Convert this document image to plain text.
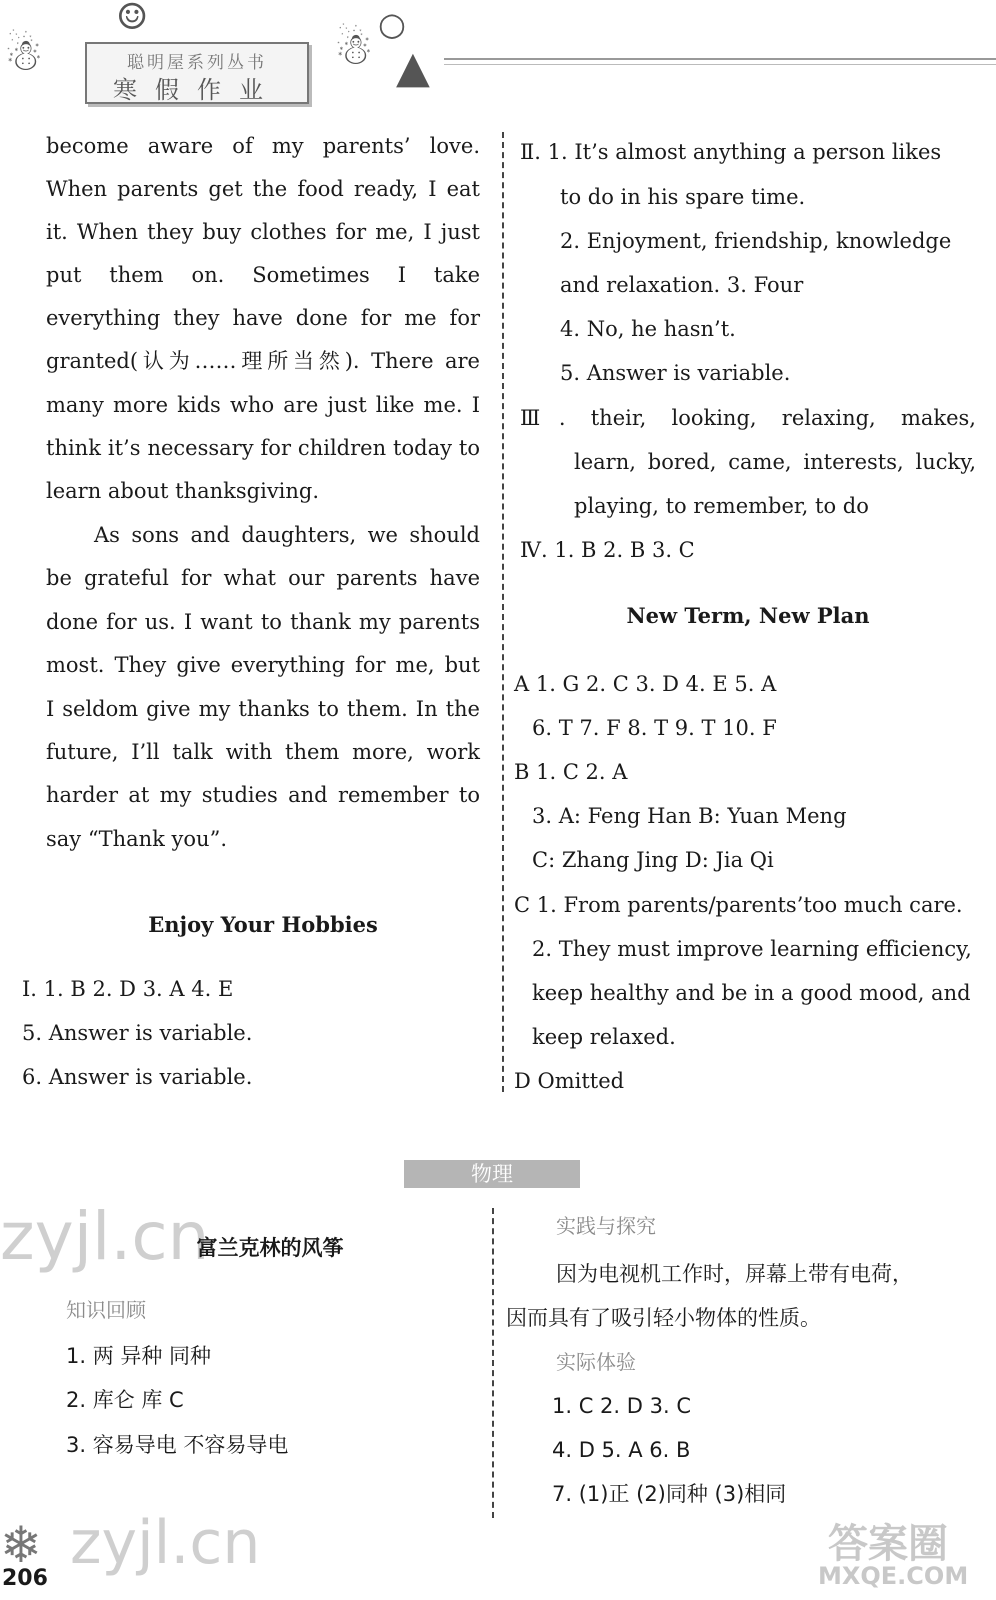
☃
☺
聪明屋系列丛书
寒假作业
☃ ○
▲
become aware of my parents’ love.
When parents get the food ready, I eat
it. When they buy clothes for me, I just
put them on. Sometimes I take
everything they have done for me for
granted(认为……理所当然). There are
many more kids who are just like me. I
think it’s necessary for children today to
learn about thanksgiving.
As sons and daughters, we should
be grateful for what our parents have
done for us. I want to thank my parents
most. They give everything for me, but
I seldom give my thanks to them. In the
future, I’ll talk with them more, work
harder at my studies and remember to
say “Thank you”.
Enjoy Your Hobbies
Ⅰ. 1. B 2. D 3. A 4. E
5. Answer is variable.
6. Answer is variable.
Ⅱ. 1. It’s almost anything a person likes
to do in his spare time.
2. Enjoyment, friendship, knowledge
and relaxation. 3. Four
4. No, he hasn’t.
5. Answer is variable.
Ⅲ. their, looking, relaxing, makes,
learn, bored, came, interests, lucky,
playing, to remember, to do
Ⅳ. 1. B 2. B 3. C
New Term, New Plan
A 1. G 2. C 3. D 4. E 5. A
6. T 7. F 8. T 9. T 10. F
B 1. C 2. A
3. A: Feng Han B: Yuan Meng
C: Zhang Jing D: Jia Qi
C 1. From parents/parents’too much care.
2. They must improve learning efficiency,
keep healthy and be in a good mood, and
keep relaxed.
D Omitted
物理
zyjl.cn
富兰克林的风筝
知识回顾
1. 两 异种 同种
2. 库仑 库 C
3. 容易导电 不容易导电
实践与探究
因为电视机工作时，屏幕上带有电荷，
因而具有了吸引轻小物体的性质。
实际体验
1. C 2. D 3. C
4. D 5. A 6. B
7. (1)正 (2)同种 (3)相同
❄
206
zyjl.cn	答案圈
MXQE.COM
